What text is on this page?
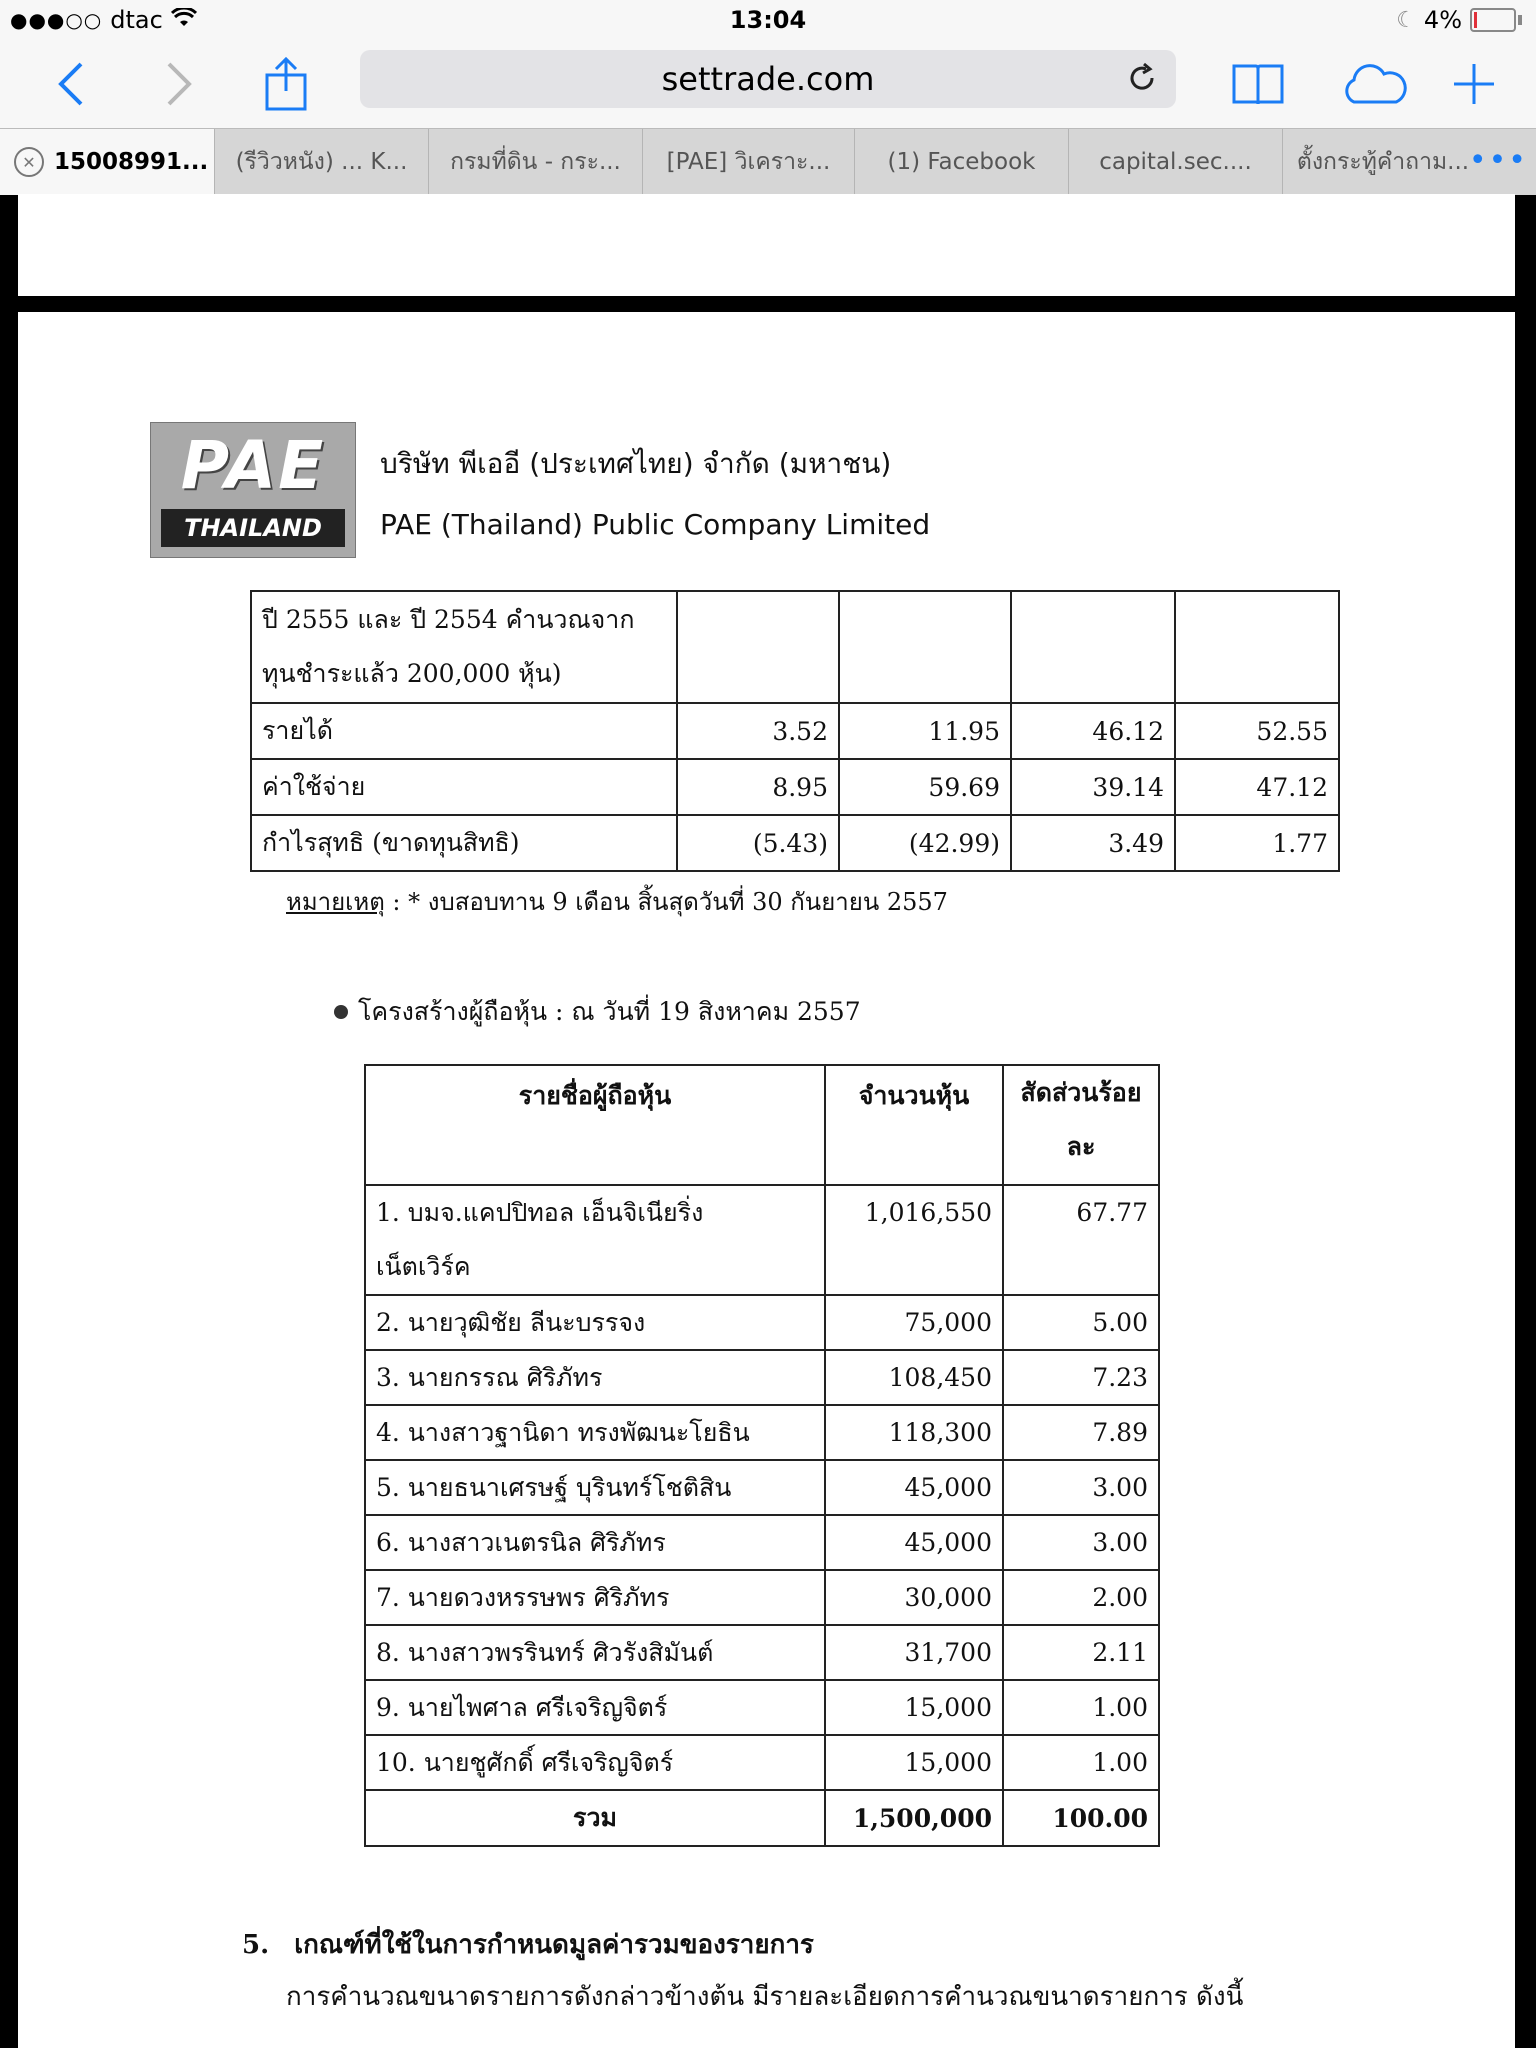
●●●○○ dtac	13:04	☾ 4%
settrade.com
✕ 15008991... (รีวิวหนัง) ... K... กรมที่ดิน - กระ... [PAE] วิเคราะ... (1) Facebook	capital.sec.... ตั้งกระทู้คำถาม... •••
PAE
THAILAND
บริษัท พีเออี (ประเทศไทย) จำกัด (มหาชน)
PAE (Thailand) Public Company Limited
ปี 2555 และ ปี 2554 คำนวณจาก
ทุนชำระแล้ว 200,000 หุ้น)				

รายได้	3.52	11.95	46.12	52.55
ค่าใช้จ่าย	8.95	59.69	39.14	47.12
กำไรสุทธิ (ขาดทุนสิทธิ)	(5.43)	(42.99)	3.49	1.77
หมายเหตุ : * งบสอบทาน 9 เดือน สิ้นสุดวันที่ 30 กันยายน 2557
โครงสร้างผู้ถือหุ้น : ณ วันที่ 19 สิงหาคม 2557
รายชื่อผู้ถือหุ้น	จำนวนหุ้น	สัดส่วนร้อย
ละ

1. บมจ.แคปปิทอล เอ็นจิเนียริ่ง
เน็ตเวิร์ค	1,016,550	67.77
2. นายวุฒิชัย ลีนะบรรจง	75,000	5.00
3. นายกรรณ ศิริภัทร	108,450	7.23
4. นางสาวฐานิดา ทรงพัฒนะโยธิน	118,300	7.89
5. นายธนาเศรษฐ์ บุรินทร์โชติสิน	45,000	3.00
6. นางสาวเนตรนิล ศิริภัทร	45,000	3.00
7. นายดวงหรรษพร ศิริภัทร	30,000	2.00
8. นางสาวพรรินทร์ ศิวรังสิมันต์	31,700	2.11
9. นายไพศาล ศรีเจริญจิตร์	15,000	1.00
10. นายชูศักดิ์ ศรีเจริญจิตร์	15,000	1.00
รวม	1,500,000	100.00
5. เกณฑ์ที่ใช้ในการกำหนดมูลค่ารวมของรายการ
การคำนวณขนาดรายการดังกล่าวข้างต้น มีรายละเอียดการคำนวณขนาดรายการ ดังนี้
